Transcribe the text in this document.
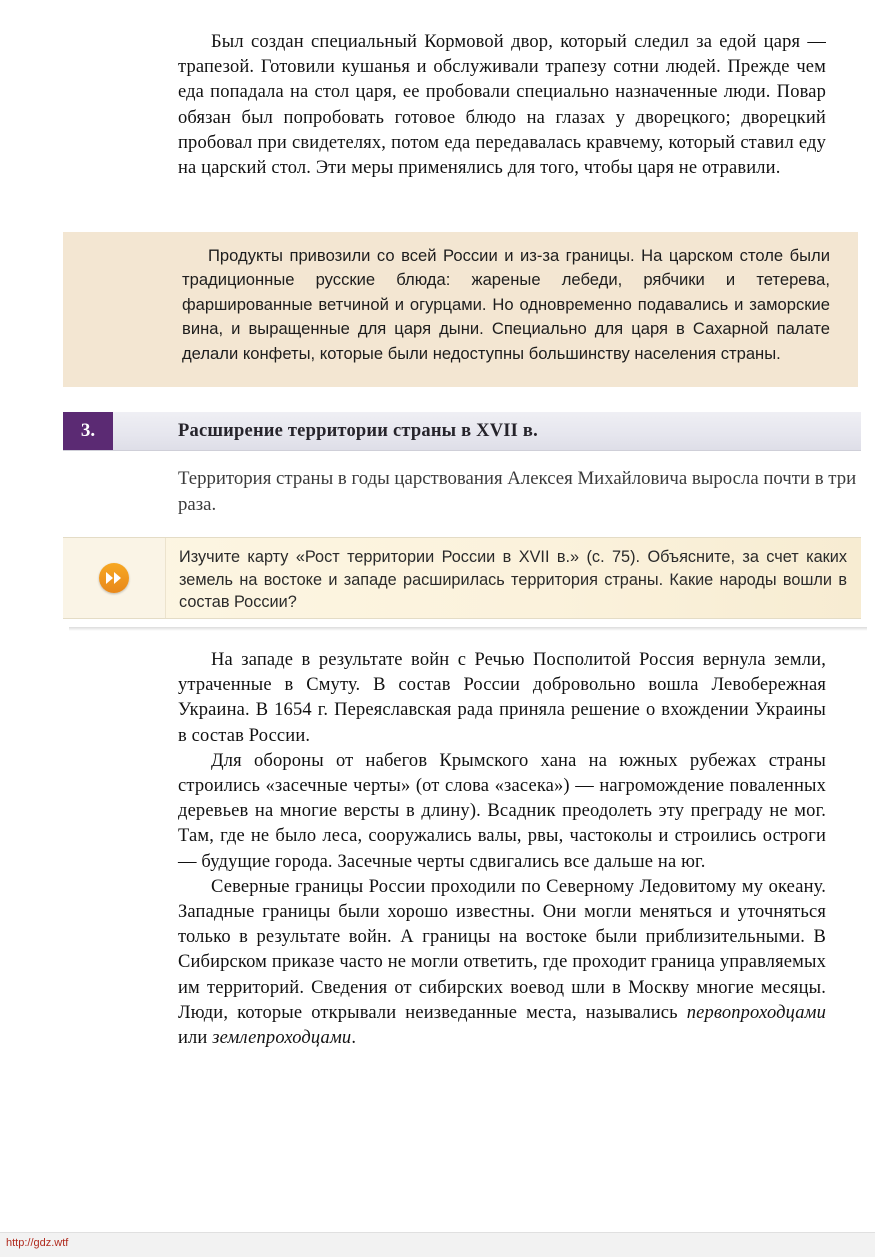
Был создан специальный Кормовой двор, который следил за едой царя — трапезой. Готовили кушанья и обслуживали трапезу сотни людей. Прежде чем еда попадала на стол царя, ее пробовали специально назначенные люди. Повар обязан был попробовать готовое блюдо на глазах у дворецкого; дворецкий пробовал при свидетелях, потом еда передавалась кравчему, который ставил еду на царский стол. Эти меры применялись для того, чтобы царя не отравили.

Продукты привозили со всей России и из-за границы. На царском столе были традиционные русские блюда: жареные лебеди, рябчики и тетерева, фаршированные ветчиной и огурцами. Но одновременно подавались и заморские вина, и выращенные для царя дыни. Специально для царя в Сахарной палате делали конфеты, которые были недоступны большинству населения страны.

3.	Расширение территории страны в XVII в.
Территория страны в годы царствования Алексея Михайловича выросла почти в три раза.
Изучите карту «Рост территории России в XVII в.» (с. 75). Объясните, за счет каких земель на востоке и западе расширилась территория страны. Какие народы вошли в состав России?

На западе в результате войн с Речью Посполитой Россия вернула земли, утраченные в Смуту. В состав России добровольно вошла Левобережная Украина. В 1654 г. Переяславская рада приняла решение о вхождении Украины в состав России.

Для обороны от набегов Крымского хана на южных рубежах страны строились «засечные черты» (от слова «засека») — нагромождение поваленных деревьев на многие версты в длину). Всадник преодолеть эту преграду не мог. Там, где не было леса, сооружались валы, рвы, частоколы и строились остроги — будущие города. Засечные черты сдвигались все дальше на юг.

Северные границы России проходили по Северному Ледовитому му океану. Западные границы были хорошо известны. Они могли меняться и уточняться только в результате войн. А границы на востоке были приблизительными. В Сибирском приказе часто не могли ответить, где проходит граница управляемых им территорий. Сведения от сибирских воевод шли в Москву многие месяцы. Люди, которые открывали неизведанные места, назывались первопроходцами или землепроходцами.

http://gdz.wtf
